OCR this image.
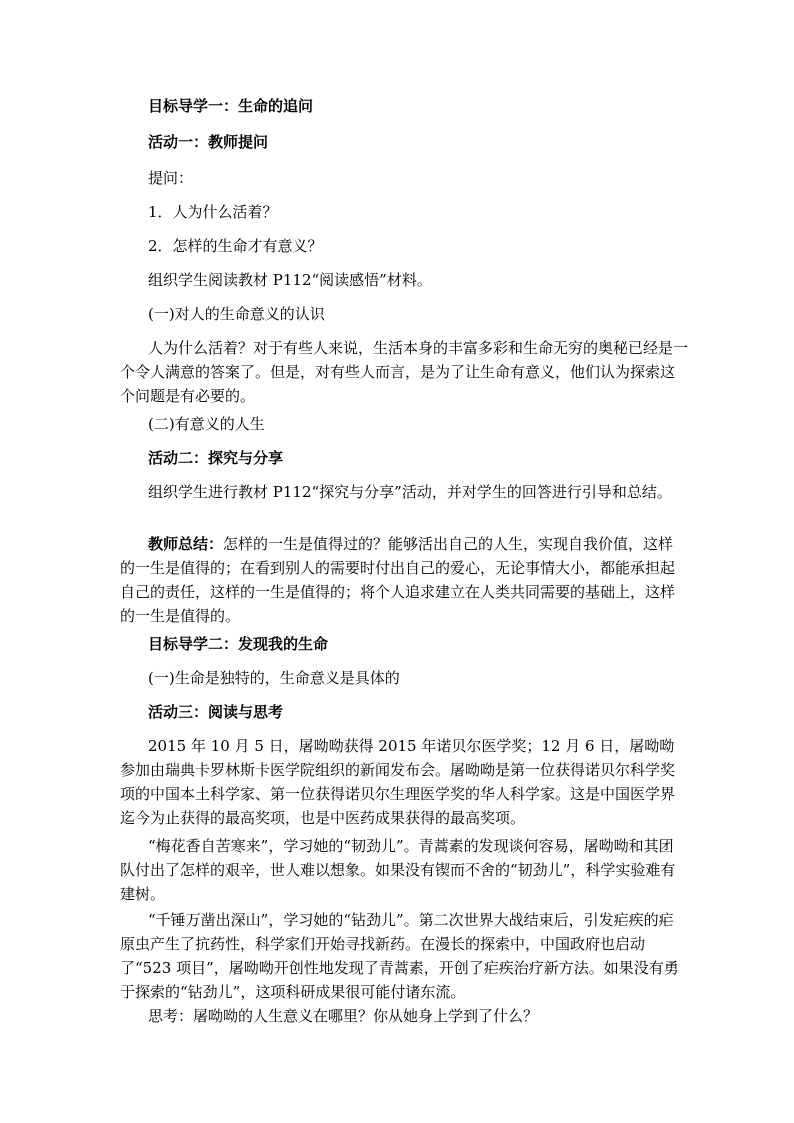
目标导学一：生命的追问

活动一：教师提问

提问：

1．人为什么活着？

2．怎样的生命才有意义？

组织学生阅读教材 P112“阅读感悟”材料。

(一)对人的生命意义的认识

人为什么活着？对于有些人来说，生活本身的丰富多彩和生命无穷的奥秘已经是一个令人满意的答案了。但是，对有些人而言，是为了让生命有意义，他们认为探索这个问题是有必要的。

(二)有意义的人生

活动二：探究与分享

组织学生进行教材 P112“探究与分享”活动，并对学生的回答进行引导和总结。

教师总结：怎样的一生是值得过的？能够活出自己的人生，实现自我价值，这样的一生是值得的；在看到别人的需要时付出自己的爱心，无论事情大小，都能承担起自己的责任，这样的一生是值得的；将个人追求建立在人类共同需要的基础上，这样的一生是值得的。

目标导学二：发现我的生命

(一)生命是独特的，生命意义是具体的

活动三：阅读与思考

2015 年 10 月 5 日，屠呦呦获得 2015 年诺贝尔医学奖；12 月 6 日，屠呦呦参加由瑞典卡罗林斯卡医学院组织的新闻发布会。屠呦呦是第一位获得诺贝尔科学奖项的中国本土科学家、第一位获得诺贝尔生理医学奖的华人科学家。这是中国医学界迄今为止获得的最高奖项，也是中医药成果获得的最高奖项。

“梅花香自苦寒来”，学习她的“韧劲儿”。青蒿素的发现谈何容易，屠呦呦和其团队付出了怎样的艰辛，世人难以想象。如果没有锲而不舍的“韧劲儿”，科学实验难有建树。

“千锤万凿出深山”，学习她的“钻劲儿”。第二次世界大战结束后，引发疟疾的疟原虫产生了抗药性，科学家们开始寻找新药。在漫长的探索中，中国政府也启动了“523 项目”，屠呦呦开创性地发现了青蒿素，开创了疟疾治疗新方法。如果没有勇于探索的“钻劲儿”，这项科研成果很可能付诸东流。

思考：屠呦呦的人生意义在哪里？你从她身上学到了什么？
